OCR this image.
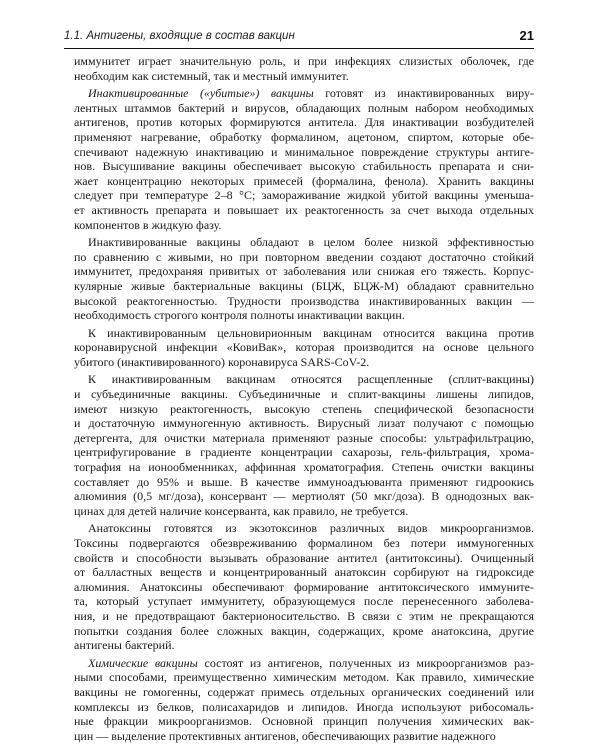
1.1. Антигены, входящие в состав вакцин	21
иммунитет играет значительную роль, и при инфекциях слизистых оболочек, где
необходим как системный, так и местный иммунитет.
Инактивированные («убитые») вакцины готовят из инактивированных виру-
лентных штаммов бактерий и вирусов, обладающих полным набором необходимых
антигенов, против которых формируются антитела. Для инактивации возбудителей
применяют нагревание, обработку формалином, ацетоном, спиртом, которые обе-
спечивают надежную инактивацию и минимальное повреждение структуры антиге-
нов. Высушивание вакцины обеспечивает высокую стабильность препарата и сни-
жает концентрацию некоторых примесей (формалина, фенола). Хранить вакцины
следует при температуре 2–8 °С; замораживание жидкой убитой вакцины уменьша-
ет активность препарата и повышает их реактогенность за счет выхода отдельных
компонентов в жидкую фазу.
Инактивированные вакцины обладают в целом более низкой эффективностью
по сравнению с живыми, но при повторном введении создают достаточно стойкий
иммунитет, предохраняя привитых от заболевания или снижая его тяжесть. Корпус-
кулярные живые бактериальные вакцины (БЦЖ, БЦЖ-М) обладают сравнительно
высокой реактогенностью. Трудности производства инактивированных вакцин —
необходимость строгого контроля полноты инактивации вакцин.
К инактивированным цельновирионным вакцинам относится вакцина против
коронавирусной инфекции «КовиВак», которая производится на основе цельного
убитого (инактивированного) коронавируса SARS-CoV-2.
К инактивированным вакцинам относятся расщепленные (сплит-вакцины)
и субъединичные вакцины. Субъединичные и сплит-вакцины лишены липидов,
имеют низкую реактогенность, высокую степень специфической безопасности
и достаточную иммуногенную активность. Вирусный лизат получают с помощью
детергента, для очистки материала применяют разные способы: ультрафильтрацию,
центрифугирование в градиенте концентрации сахарозы, гель-фильтрация, хрома-
тография на ионообменниках, аффинная хроматография. Степень очистки вакцины
составляет до 95% и выше. В качестве иммунoадъюванта применяют гидроокись
алюминия (0,5 мг/доза), консервант — мертиолят (50 мкг/доза). В однодозных вак-
цинах для детей наличие консерванта, как правило, не требуется.
Анатоксины готовятся из экзотоксинов различных видов микроорганизмов.
Токсины подвергаются обезвреживанию формалином без потери иммуногенных
свойств и способности вызывать образование антител (антитоксины). Очищенный
от балластных веществ и концентрированный анатоксин сорбируют на гидроксиде
алюминия. Анатоксины обеспечивают формирование антитоксического иммуните-
та, который уступает иммунитету, образующемуся после перенесенного заболева-
ния, и не предотвращают бактерионосительство. В связи с этим не прекращаются
попытки создания более сложных вакцин, содержащих, кроме анатоксина, другие
антигены бактерий.
Химические вакцины состоят из антигенов, полученных из микроорганизмов раз-
ными способами, преимущественно химическим методом. Как правило, химические
вакцины не гомогенны, содержат примесь отдельных органических соединений или
комплексы из белков, полисахаридов и липидов. Иногда используют рибосомаль-
ные фракции микроорганизмов. Основной принцип получения химических вак-
цин — выделение протективных антигенов, обеспечивающих развитие надежного
